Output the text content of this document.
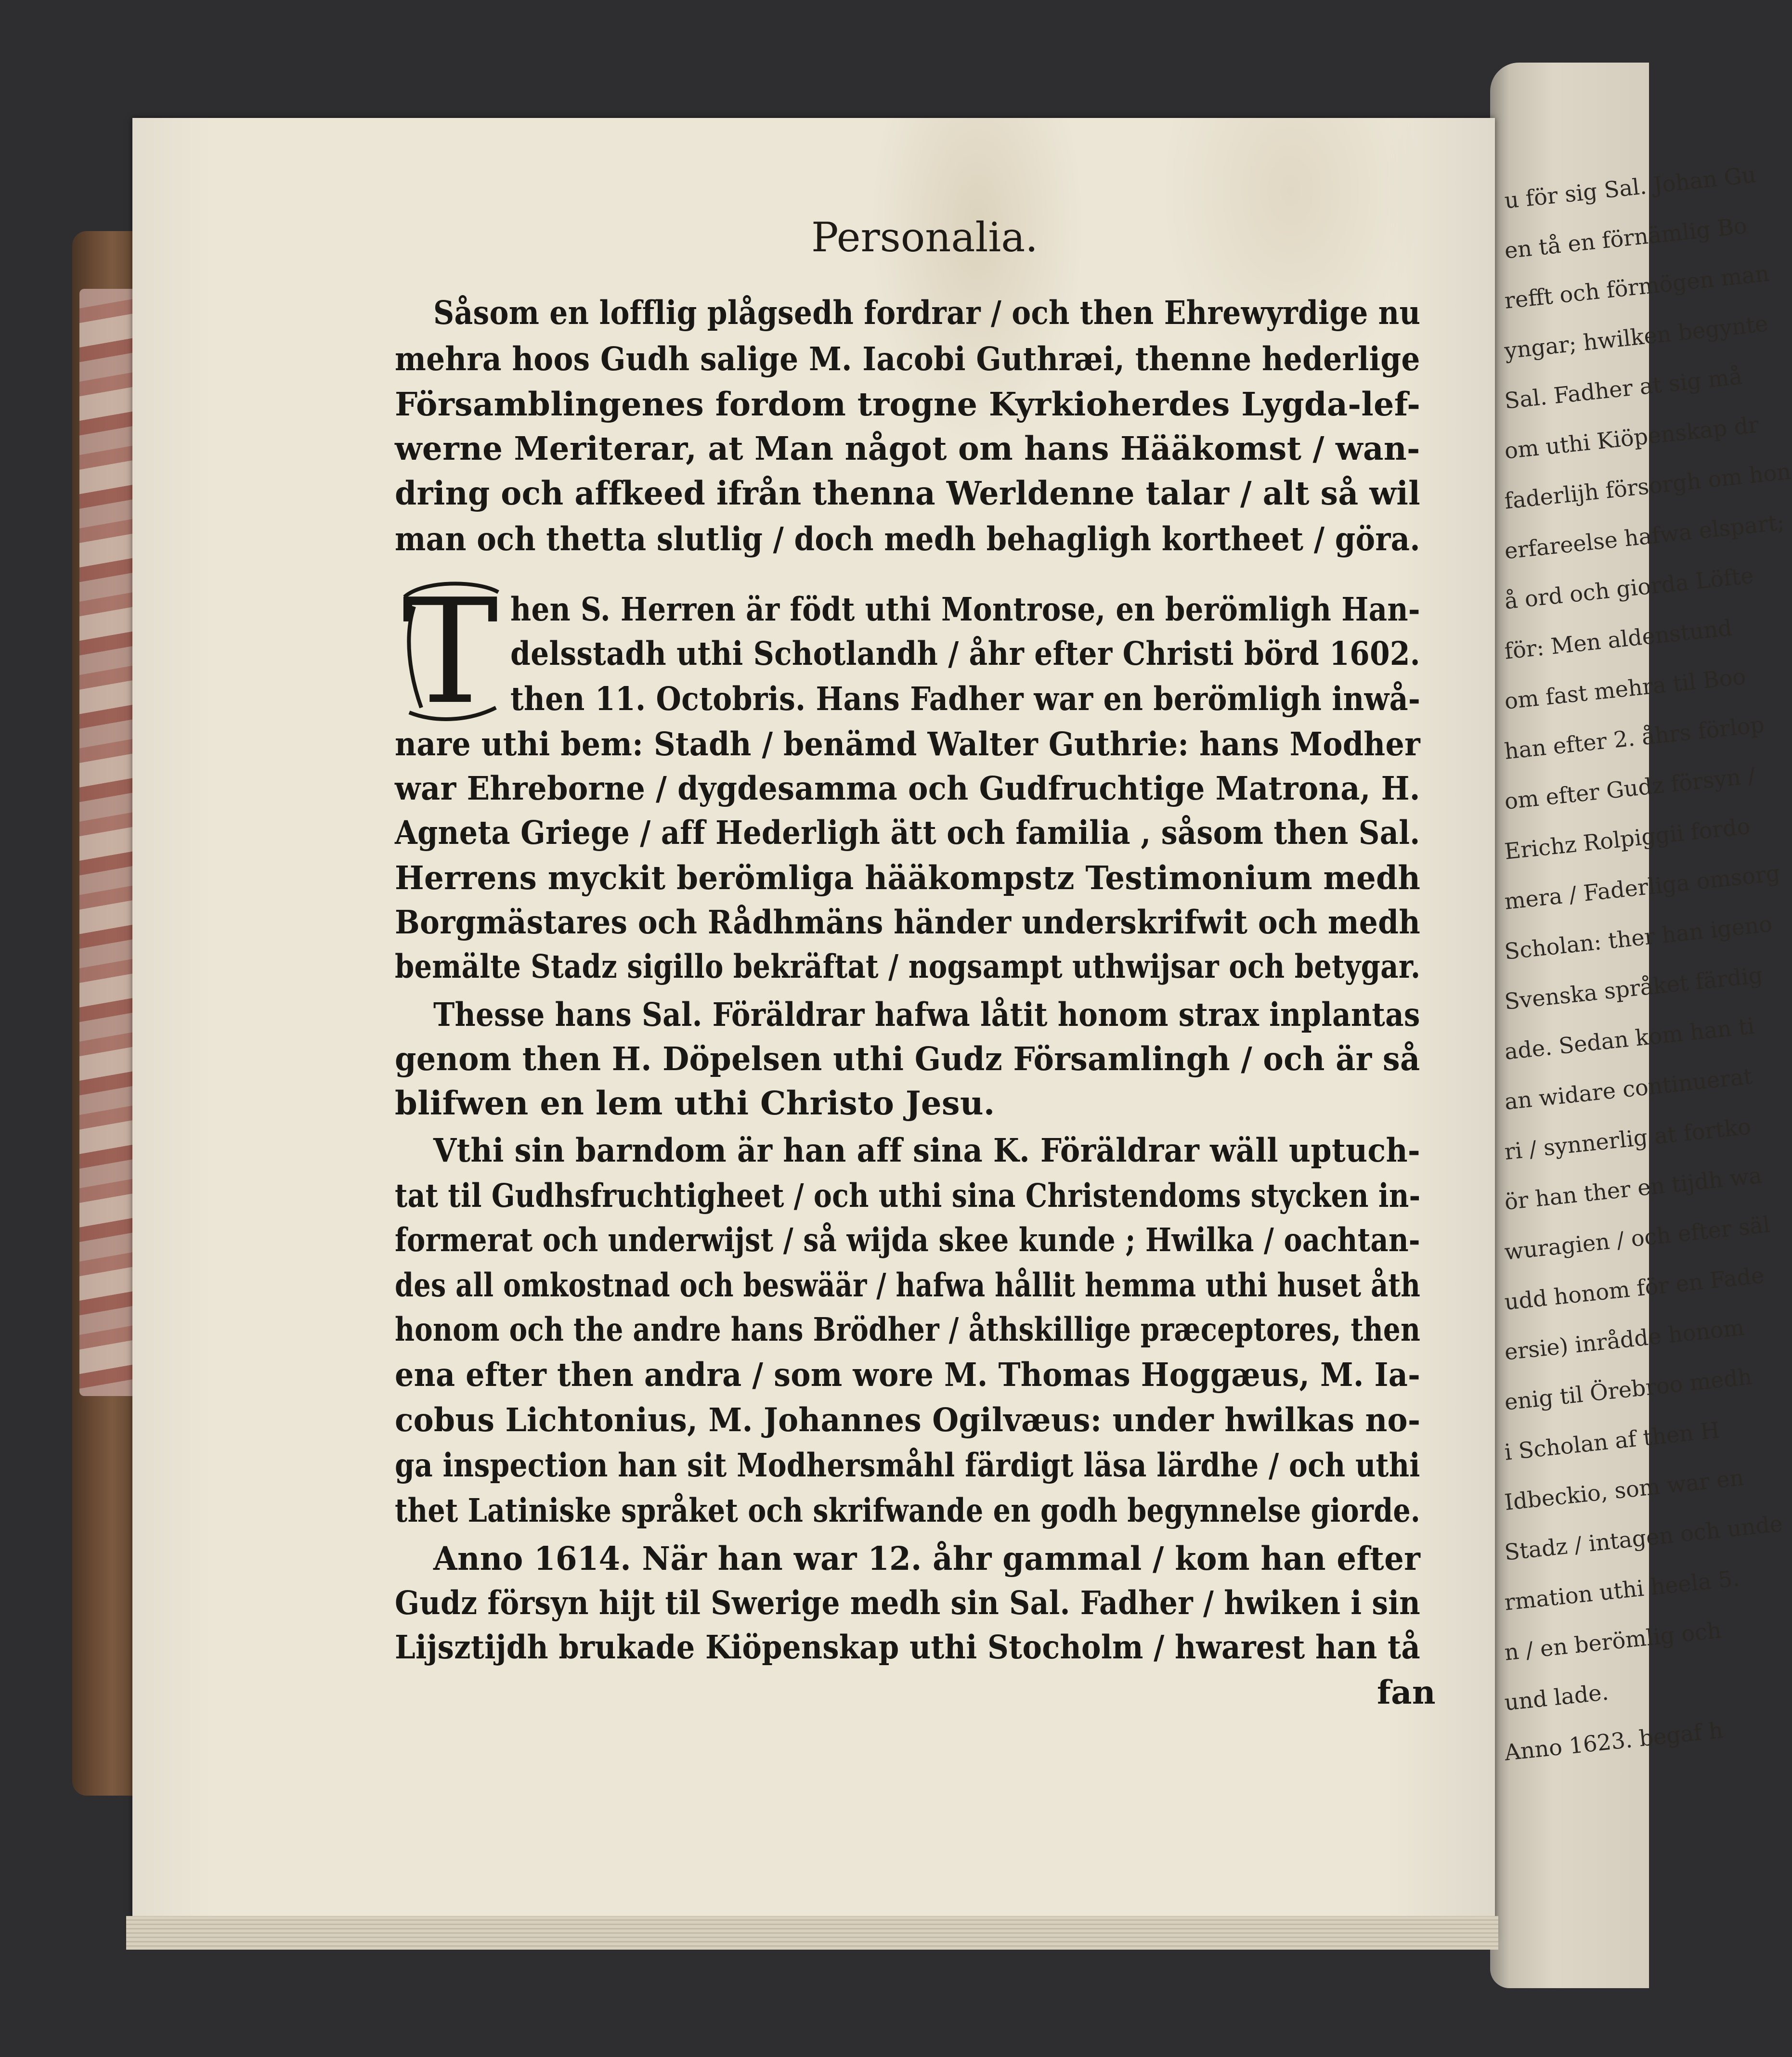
u för sig Sal. Johan Gu
en tå en förnämlig Bo
refft och förmögen man
yngar; hwilken begynte
Sal. Fadher at sig må
om uthi Kiöpenskap dr
faderlijh försorgh om hon
erfareelse hafwa elspart;
å ord och giorda Löfte
för: Men aldenstund
om fast mehra til Boo
han efter 2. åhrs förlop
om efter Gudz försyn /
Erichz Rolpiggii fordo
mera / Faderliga omsorg
Scholan: ther han igeno
Svenska språket färdig
ade. Sedan kom han ti
an widare continuerat
ri / synnerlig at fortko
ör han ther en tijdh wa
wuragien / och efter säl
udd honom för en Fade
ersie) inrådde honom
enig til Örebroo medh
i Scholan af then H
Idbeckio, som war en
Stadz / intagen och unde
rmation uthi heela 5.
n / en berömlig och
und lade.
Anno 1623. begaf h
Personalia.
T
Såsom en lofflig plågsedh fordrar / och then Ehrewyrdige nu
mehra hoos Gudh salige M. Iacobi Guthræi, thenne hederlige
Församblingenes fordom trogne Kyrkioherdes Lygda-lef-
werne Meriterar, at Man något om hans Hääkomst / wan-
dring och affkeed ifrån thenna Werldenne talar / alt så wil
man och thetta slutlig / doch medh behagligh kortheet / göra.
hen S. Herren är födt uthi Montrose, en berömligh Han-
delsstadh uthi Schotlandh / åhr efter Christi börd 1602.
then 11. Octobris. Hans Fadher war en berömligh inwå-
nare uthi bem: Stadh / benämd Walter Guthrie: hans Modher
war Ehreborne / dygdesamma och Gudfruchtige Matrona, H.
Agneta Griege / aff Hederligh ätt och familia , såsom then Sal.
Herrens myckit berömliga hääkompstz Testimonium medh
Borgmästares och Rådhmäns händer underskrifwit och medh
bemälte Stadz sigillo bekräftat / nogsampt uthwijsar och betygar.
Thesse hans Sal. Föräldrar hafwa låtit honom strax inplantas
genom then H. Döpelsen uthi Gudz Församlingh / och är så
blifwen en lem uthi Christo Jesu.
Vthi sin barndom är han aff sina K. Föräldrar wäll uptuch-
tat til Gudhsfruchtigheet / och uthi sina Christendoms stycken in-
formerat och underwijst / så wijda skee kunde ; Hwilka / oachtan-
des all omkostnad och beswäär / hafwa hållit hemma uthi huset åth
honom och the andre hans Brödher / åthskillige præceptores, then
ena efter then andra / som wore M. Thomas Hoggæus, M. Ia-
cobus Lichtonius, M. Johannes Ogilvæus: under hwilkas no-
ga inspection han sit Modhersmåhl färdigt läsa lärdhe / och uthi
thet Latiniske språket och skrifwande en godh begynnelse giorde.
Anno 1614. När han war 12. åhr gammal / kom han efter
Gudz försyn hijt til Swerige medh sin Sal. Fadher / hwiken i sin
Lijsztijdh brukade Kiöpenskap uthi Stocholm / hwarest han tå
fan
